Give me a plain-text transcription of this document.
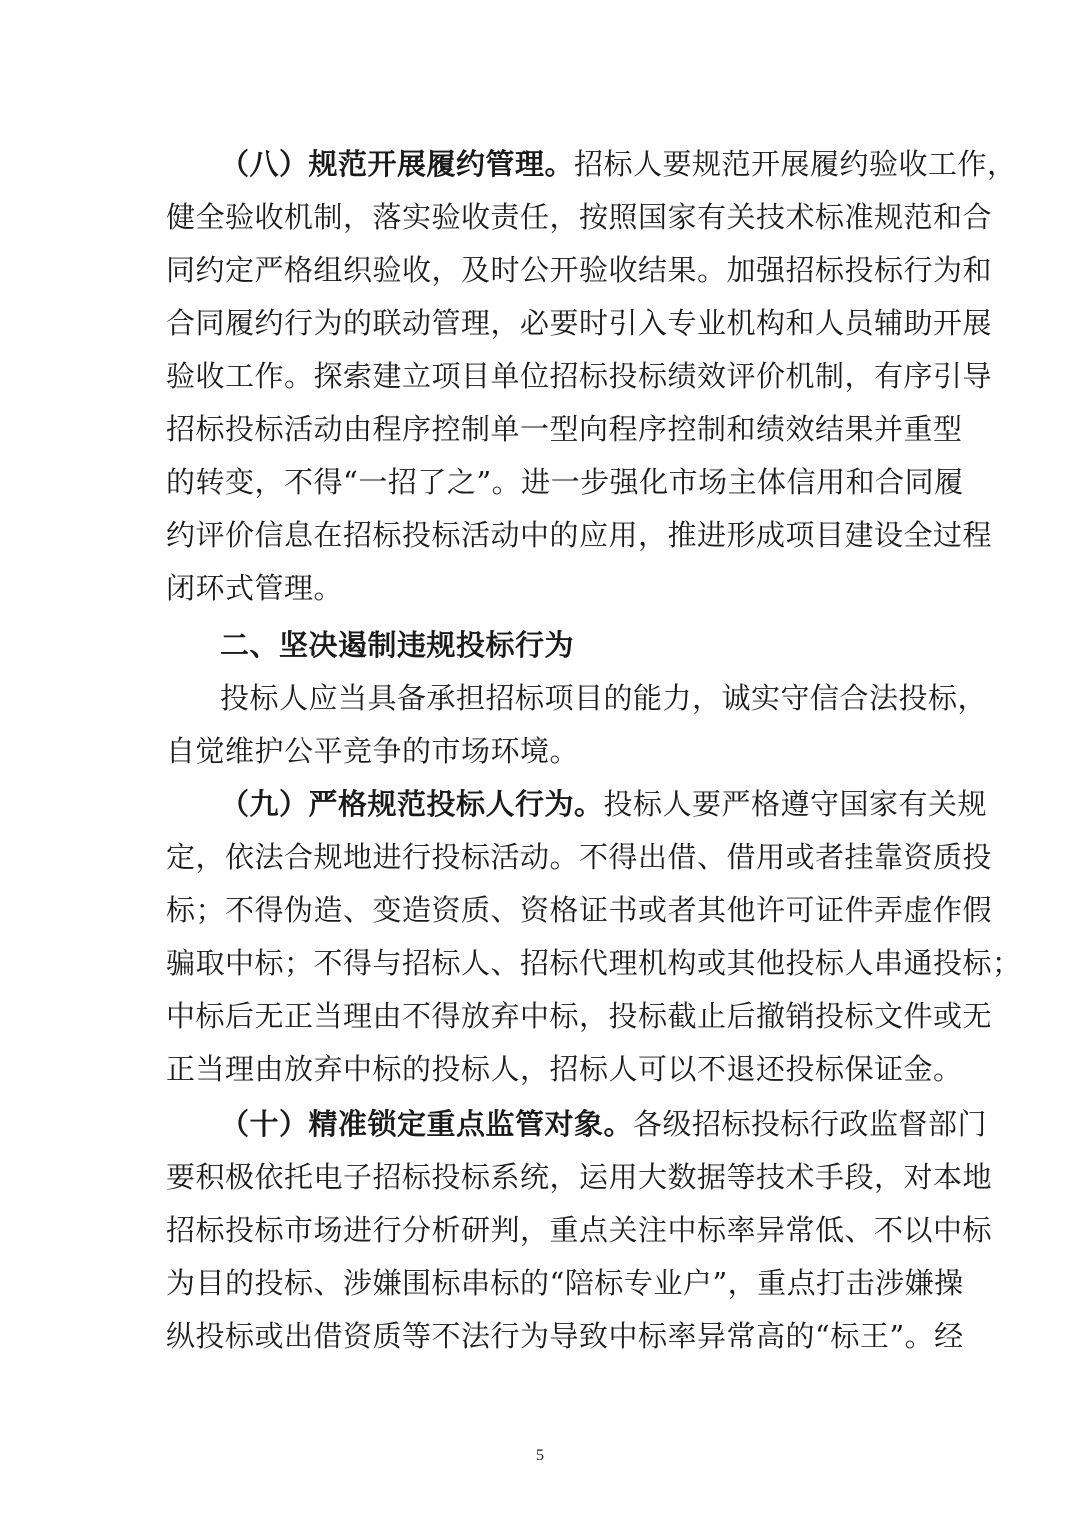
（八）规范开展履约管理。招标人要规范开展履约验收工作，
健全验收机制，落实验收责任，按照国家有关技术标准规范和合
同约定严格组织验收，及时公开验收结果。加强招标投标行为和
合同履约行为的联动管理，必要时引入专业机构和人员辅助开展
验收工作。探索建立项目单位招标投标绩效评价机制，有序引导
招标投标活动由程序控制单一型向程序控制和绩效结果并重型
的转变，不得“一招了之”。进一步强化市场主体信用和合同履
约评价信息在招标投标活动中的应用，推进形成项目建设全过程
闭环式管理。
二、坚决遏制违规投标行为
投标人应当具备承担招标项目的能力，诚实守信合法投标，
自觉维护公平竞争的市场环境。
（九）严格规范投标人行为。投标人要严格遵守国家有关规
定，依法合规地进行投标活动。不得出借、借用或者挂靠资质投
标；不得伪造、变造资质、资格证书或者其他许可证件弄虚作假
骗取中标；不得与招标人、招标代理机构或其他投标人串通投标；
中标后无正当理由不得放弃中标，投标截止后撤销投标文件或无
正当理由放弃中标的投标人，招标人可以不退还投标保证金。
（十）精准锁定重点监管对象。各级招标投标行政监督部门
要积极依托电子招标投标系统，运用大数据等技术手段，对本地
招标投标市场进行分析研判，重点关注中标率异常低、不以中标
为目的投标、涉嫌围标串标的“陪标专业户”，重点打击涉嫌操
纵投标或出借资质等不法行为导致中标率异常高的“标王”。经
5
